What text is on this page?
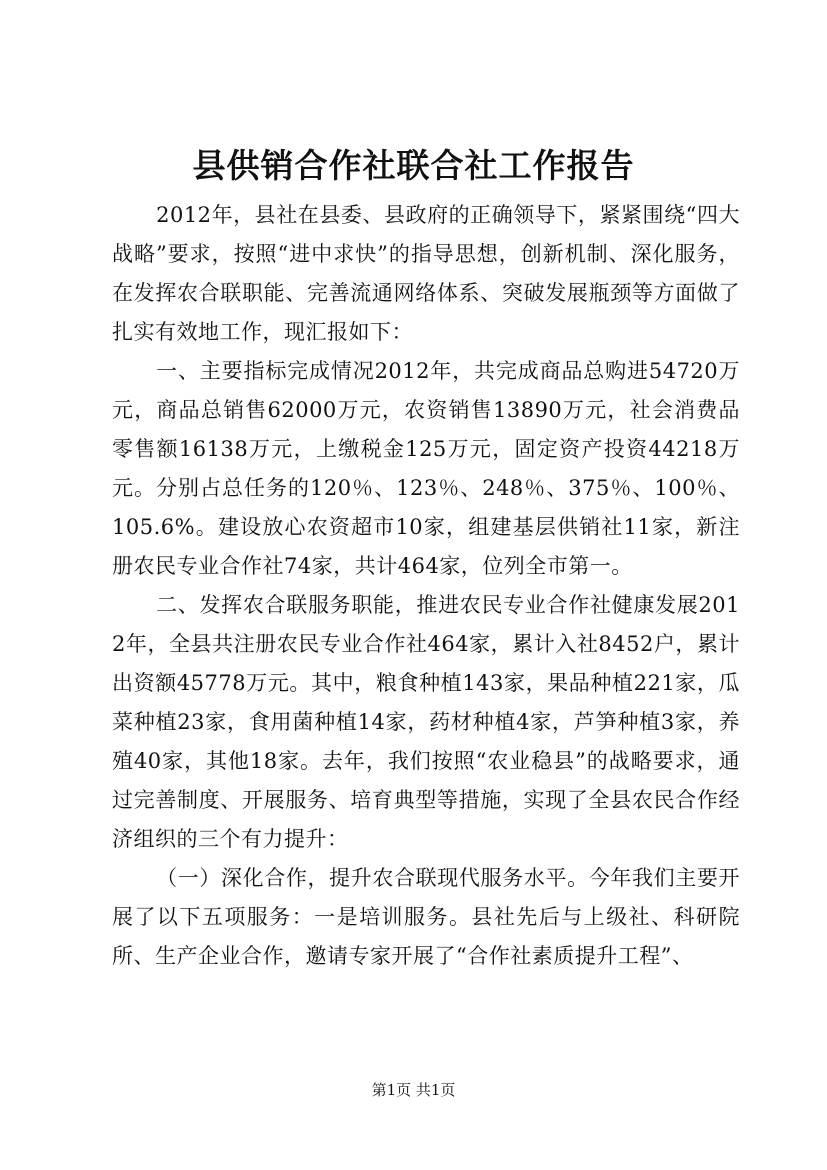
县供销合作社联合社工作报告

2012年，县社在县委、县政府的正确领导下，紧紧围绕“四大战略”要求，按照“进中求快”的指导思想，创新机制、深化服务，在发挥农合联职能、完善流通网络体系、突破发展瓶颈等方面做了扎实有效地工作，现汇报如下：

一、主要指标完成情况2012年，共完成商品总购进54720万元，商品总销售62000万元，农资销售13890万元，社会消费品零售额16138万元，上缴税金125万元，固定资产投资44218万元。分别占总任务的120％、123％、248％、375％、100％、105.6%。建设放心农资超市10家，组建基层供销社11家，新注册农民专业合作社74家，共计464家，位列全市第一。

二、发挥农合联服务职能，推进农民专业合作社健康发展2012年，全县共注册农民专业合作社464家，累计入社8452户，累计出资额45778万元。其中，粮食种植143家，果品种植221家，瓜菜种植23家，食用菌种植14家，药材种植4家，芦笋种植3家，养殖40家，其他18家。去年，我们按照“农业稳县”的战略要求，通过完善制度、开展服务、培育典型等措施，实现了全县农民合作经济组织的三个有力提升：

（一）深化合作，提升农合联现代服务水平。今年我们主要开展了以下五项服务：一是培训服务。县社先后与上级社、科研院所、生产企业合作，邀请专家开展了“合作社素质提升工程”、

第1页 共1页
